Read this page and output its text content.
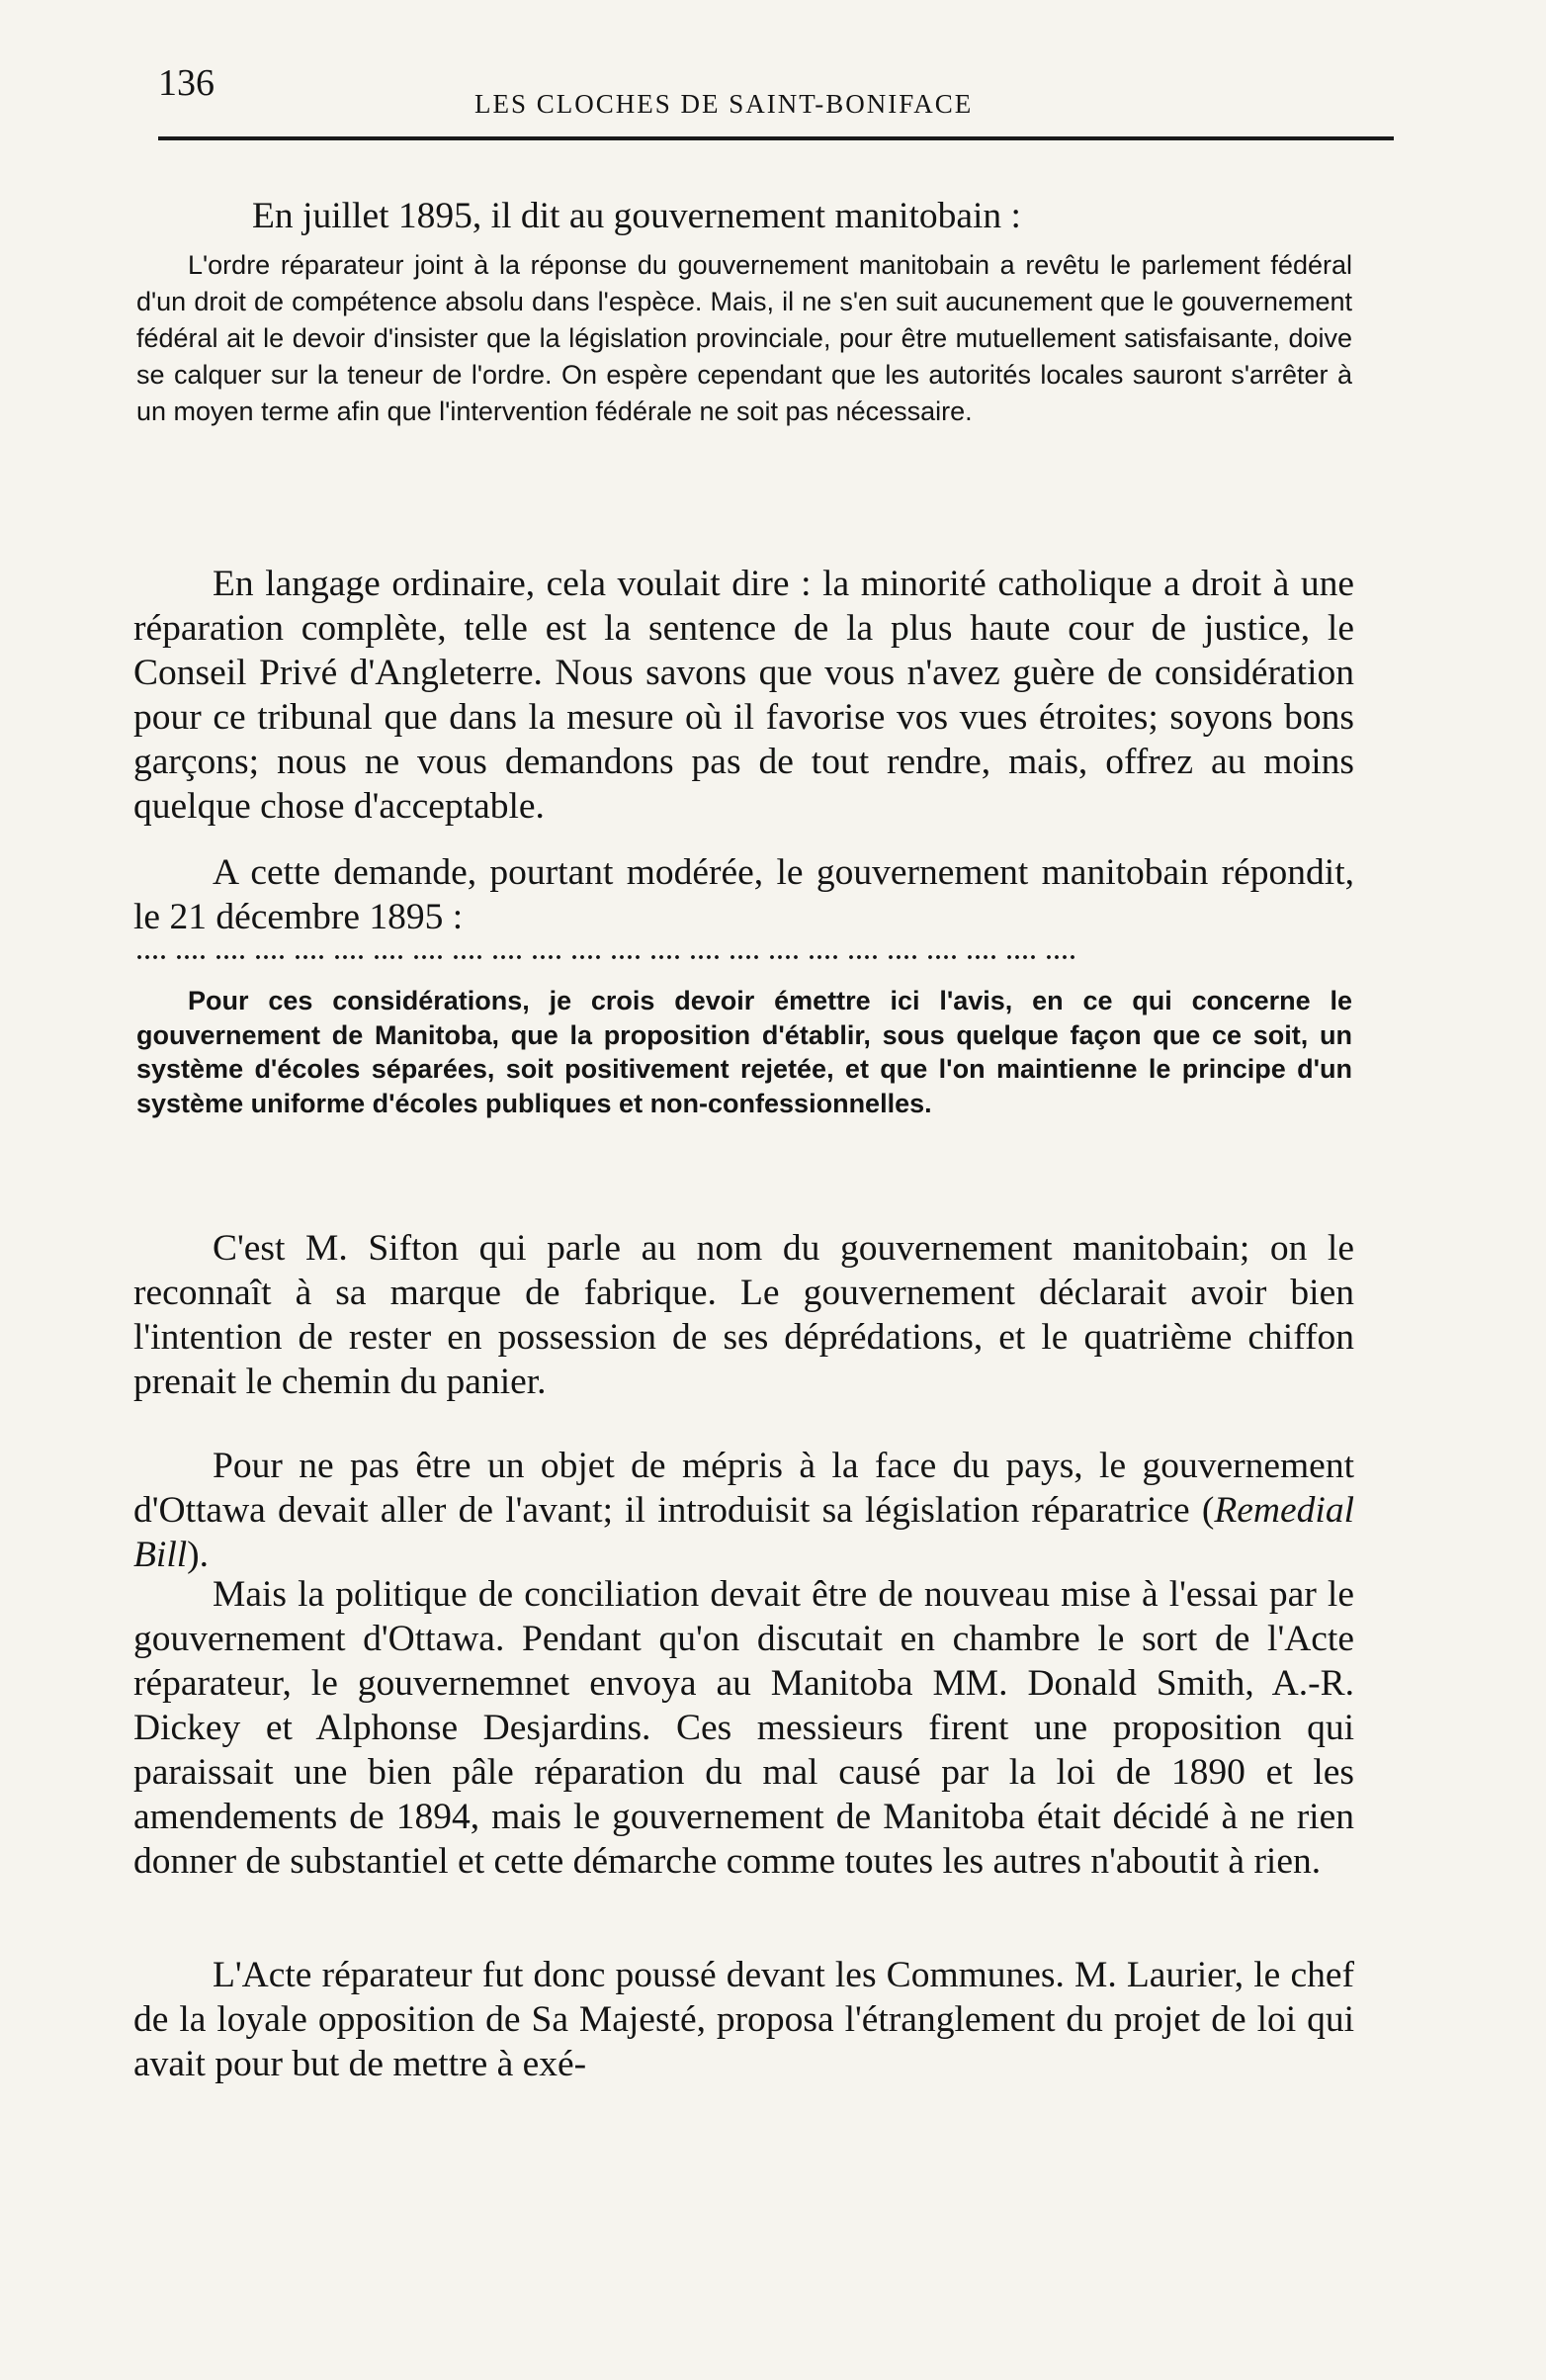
136	LES CLOCHES DE SAINT-BONIFACE

En juillet 1895, il dit au gouvernement manitobain :

L'ordre réparateur joint à la réponse du gouvernement manitobain a revêtu le parlement fédéral d'un droit de compétence absolu dans l'espèce. Mais, il ne s'en suit aucunement que le gouvernement fédéral ait le devoir d'insister que la législation provinciale, pour être mutuellement satisfaisante, doive se calquer sur la teneur de l'ordre. On espère cependant que les autorités locales sauront s'arrêter à un moyen terme afin que l'intervention fédérale ne soit pas nécessaire.

En langage ordinaire, cela voulait dire : la minorité catholique a droit à une réparation complète, telle est la sentence de la plus haute cour de justice, le Conseil Privé d'Angleterre. Nous savons que vous n'avez guère de considération pour ce tribunal que dans la mesure où il favorise vos vues étroites; soyons bons garçons; nous ne vous demandons pas de tout rendre, mais, offrez au moins quelque chose d'acceptable.

A cette demande, pourtant modérée, le gouvernement manitobain répondit, le 21 décembre 1895 :

.... .... .... .... .... .... .... .... .... .... .... .... .... .... .... .... .... .... .... .... .... .... .... ....

Pour ces considérations, je crois devoir émettre ici l'avis, en ce qui concerne le gouvernement de Manitoba, que la proposition d'établir, sous quelque façon que ce soit, un système d'écoles séparées, soit positivement rejetée, et que l'on maintienne le principe d'un système uniforme d'écoles publiques et non-confessionnelles.

C'est M. Sifton qui parle au nom du gouvernement manitobain; on le reconnaît à sa marque de fabrique. Le gouvernement déclarait avoir bien l'intention de rester en possession de ses déprédations, et le quatrième chiffon prenait le chemin du panier.

Pour ne pas être un objet de mépris à la face du pays, le gouvernement d'Ottawa devait aller de l'avant; il introduisit sa législation réparatrice (Remedial Bill).

Mais la politique de conciliation devait être de nouveau mise à l'essai par le gouvernement d'Ottawa. Pendant qu'on discutait en chambre le sort de l'Acte réparateur, le gouvernemnet envoya au Manitoba MM. Donald Smith, A.-R. Dickey et Alphonse Desjardins. Ces messieurs firent une proposition qui paraissait une bien pâle réparation du mal causé par la loi de 1890 et les amendements de 1894, mais le gouvernement de Manitoba était décidé à ne rien donner de substantiel et cette démarche comme toutes les autres n'aboutit à rien.

L'Acte réparateur fut donc poussé devant les Communes. M. Laurier, le chef de la loyale opposition de Sa Majesté, proposa l'étranglement du projet de loi qui avait pour but de mettre à exé-
